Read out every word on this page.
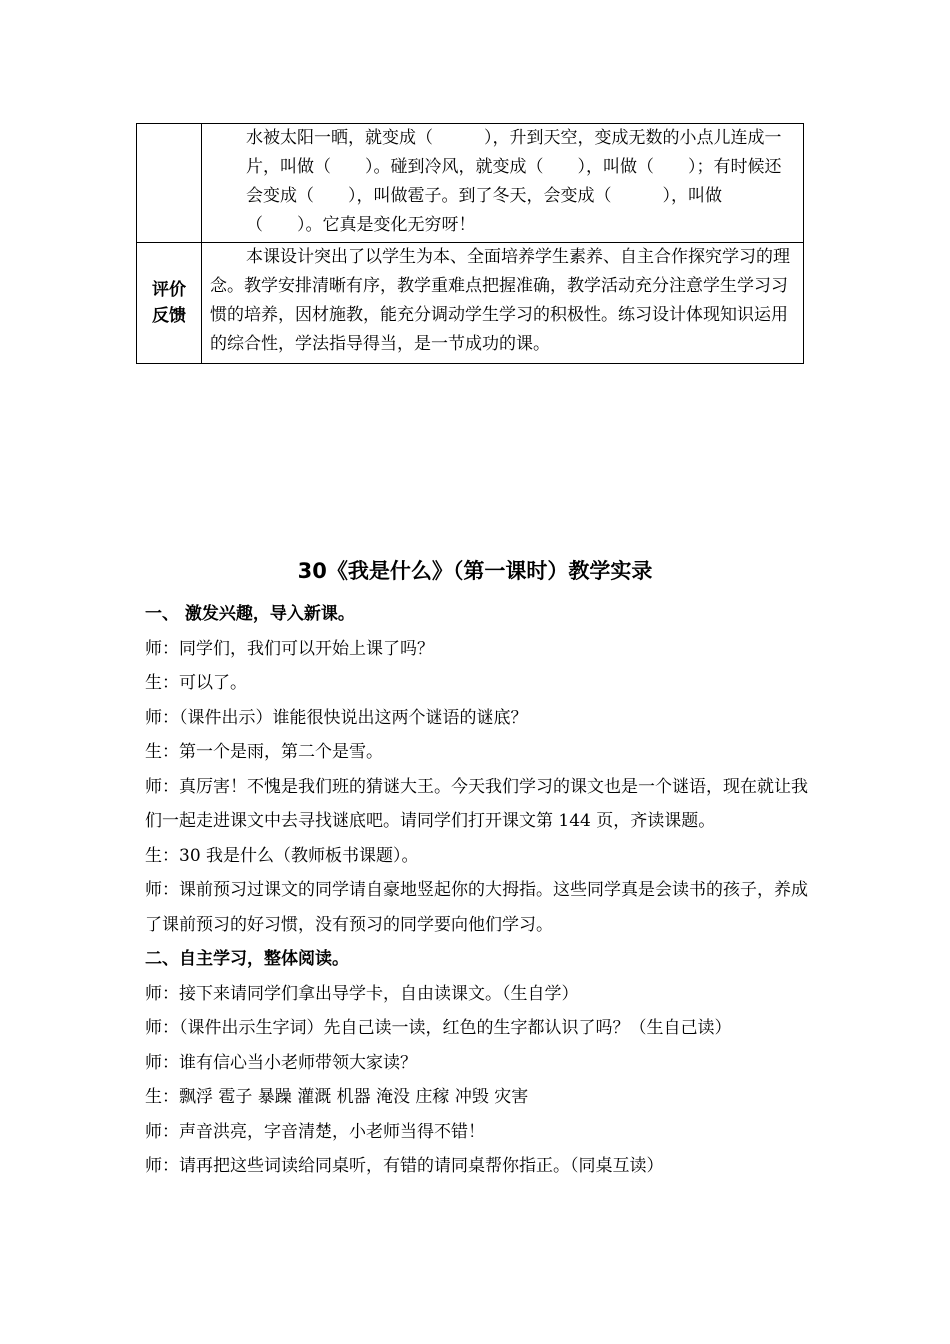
	水被太阳一晒，就变成（　　　），升到天空，变成无数的小点儿连成一片，叫做（　　）。碰到冷风，就变成（　　），叫做（　　）；有时候还会变成（　　），叫做雹子。到了冬天，会变成（　　　），叫做（　　）。它真是变化无穷呀！
评价反馈	本课设计突出了以学生为本、全面培养学生素养、自主合作探究学习的理念。教学安排清晰有序，教学重难点把握准确，教学活动充分注意学生学习习惯的培养，因材施教，能充分调动学生学习的积极性。练习设计体现知识运用的综合性，学法指导得当，是一节成功的课。
30《我是什么》（第一课时）教学实录

一、 激发兴趣，导入新课。

师：同学们，我们可以开始上课了吗？

生：可以了。

师：（课件出示）谁能很快说出这两个谜语的谜底？

生：第一个是雨，第二个是雪。

师：真厉害！不愧是我们班的猜谜大王。今天我们学习的课文也是一个谜语，现在就让我们一起走进课文中去寻找谜底吧。请同学们打开课文第 144 页，齐读课题。

生：30 我是什么（教师板书课题）。

师：课前预习过课文的同学请自豪地竖起你的大拇指。这些同学真是会读书的孩子，养成了课前预习的好习惯，没有预习的同学要向他们学习。

二、自主学习，整体阅读。

师：接下来请同学们拿出导学卡，自由读课文。（生自学）

师：（课件出示生字词）先自己读一读，红色的生字都认识了吗？（生自己读）

师：谁有信心当小老师带领大家读？

生：飘浮 雹子 暴躁 灌溉 机器 淹没 庄稼 冲毁 灾害

师：声音洪亮，字音清楚，小老师当得不错！

师：请再把这些词读给同桌听，有错的请同桌帮你指正。（同桌互读）
